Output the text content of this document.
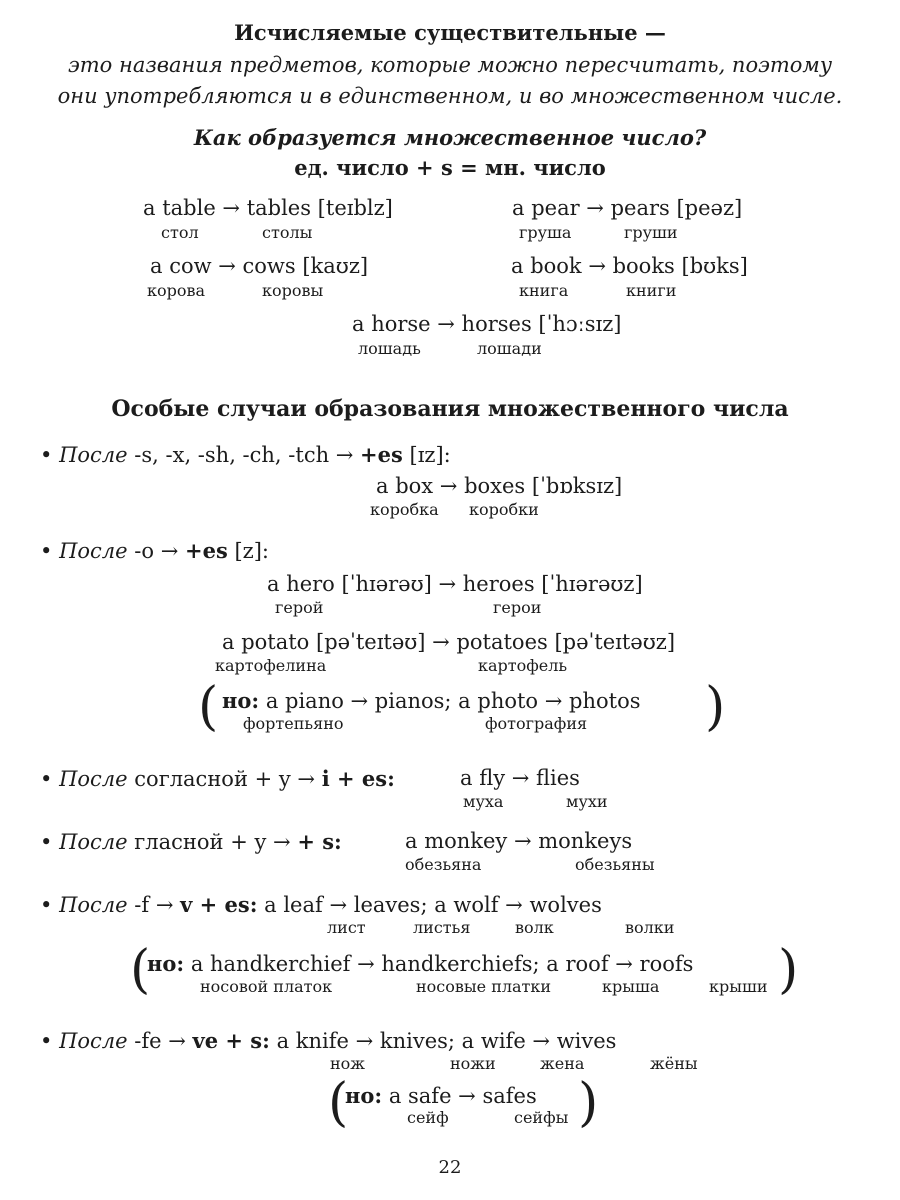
Исчисляемые существительные —
это названия предметов, которые можно пересчитать, поэтому
они употребляются и в единственном, и во множественном числе.
Как образуется множественное число?
ед. число + s = мн. число
a table → tables [teɪblz]
стол	столы
a pear → pears [peəz]
груша	груши
a cow → cows [kaʊz]
корова	коровы
a book → books [bʊks]
книга	книги
a horse → horses [ˈhɔːsɪz]
лошадь	лошади
Особые случаи образования множественного числа
• После -s, -x, -sh, -ch, -tch → +es [ɪz]:
a box → boxes [ˈbɒksɪz]
коробка коробки
• После -o → +es [z]:
a hero [ˈhɪərəʊ] → heroes [ˈhɪərəʊz]
герой	герои
a potato [pəˈteɪtəʊ] → potatoes [pəˈteɪtəʊz]
картофелина	картофель
( но: a piano → pianos; a photo → photos )
фортепьяно	фотография
• После согласной + y → i + es:	a fly → flies
муха	мухи
• После гласной + y → + s:	a monkey → monkeys
обезьяна	обезьяны
• После -f → v + es: a leaf → leaves; a wolf → wolves
лист	листья	волк	волки
(
но: a handkerchief → handkerchiefs; a roof → roofs )
носовой платок	носовые платки	крыша	крыши
• После -fe → ve + s: a knife → knives; a wife → wives
нож	ножи	жена	жёны
(
но: a safe → safes )
сейф	сейфы
22
